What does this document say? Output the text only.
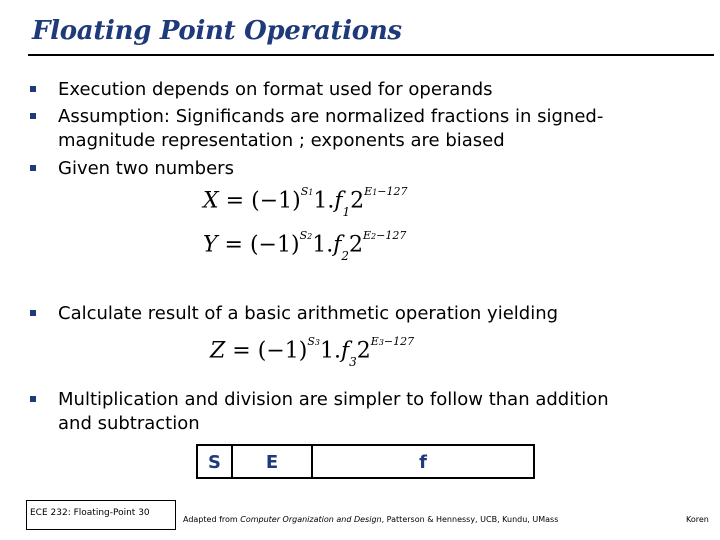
Floating Point Operations
Execution depends on format used for operands
Assumption: Significands are normalized fractions in signed-
magnitude representation ; exponents are biased
Given two numbers
$X = (-1)^{S1}1.f_12^{E1-127}$
$Y = (-1)^{S2}1.f_22^{E2-127}$
Calculate result of a basic arithmetic operation yielding
$Z = (-1)^{S3}1.f_32^{E3-127}$
Multiplication and division are simpler to follow than addition
and subtraction
S	E	f
ECE 232: Floating-Point 30
Adapted from Computer Organization and Design, Patterson & Hennessy, UCB, Kundu, UMass	Koren
